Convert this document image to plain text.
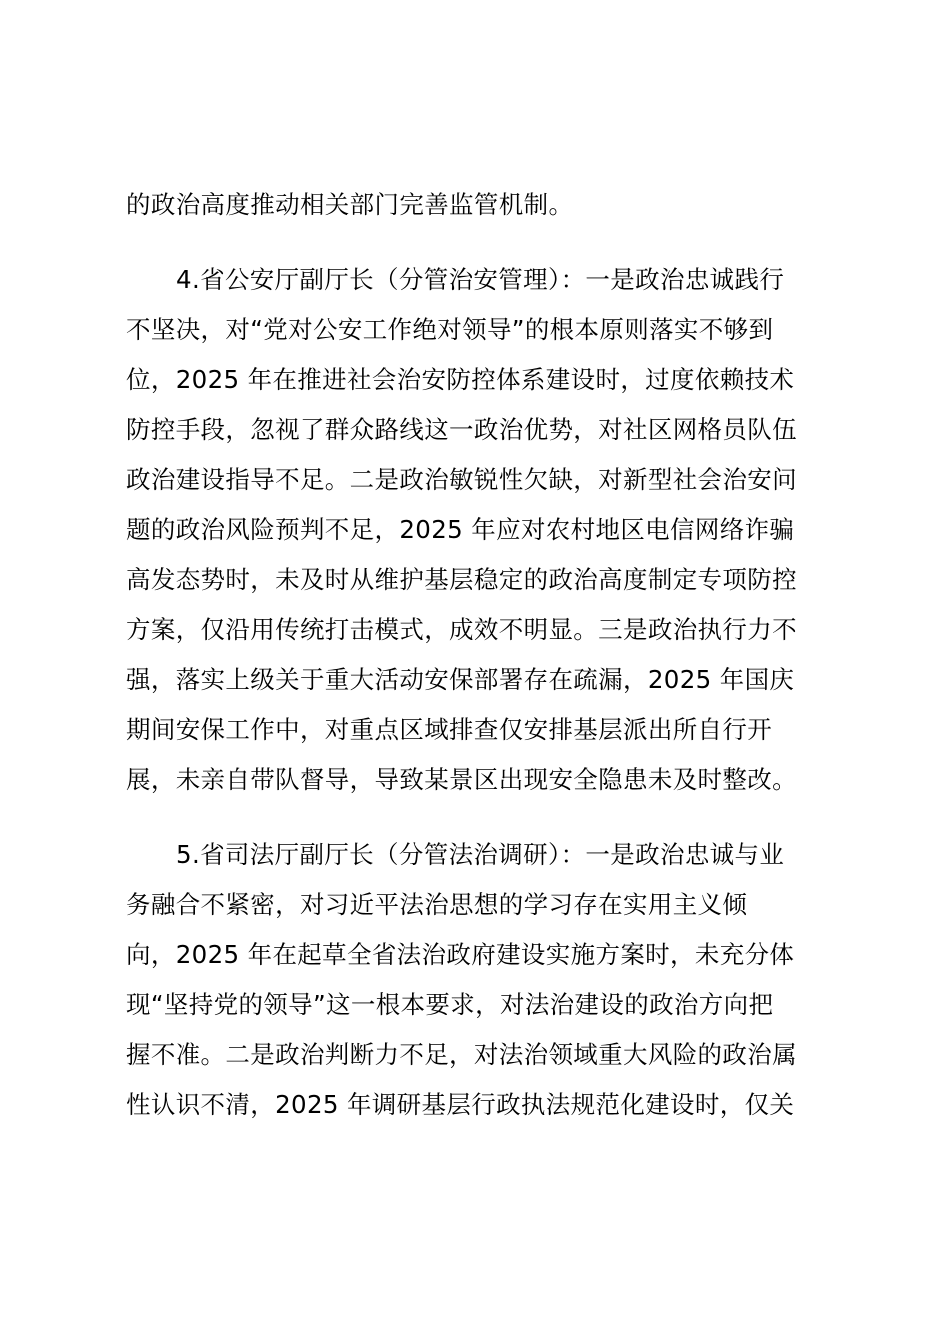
的政治高度推动相关部门完善监管机制。
4.省公安厅副厅长（分管治安管理）：一是政治忠诚践行
不坚决，对“党对公安工作绝对领导”的根本原则落实不够到
位，2025 年在推进社会治安防控体系建设时，过度依赖技术
防控手段，忽视了群众路线这一政治优势，对社区网格员队伍
政治建设指导不足。二是政治敏锐性欠缺，对新型社会治安问
题的政治风险预判不足，2025 年应对农村地区电信网络诈骗
高发态势时，未及时从维护基层稳定的政治高度制定专项防控
方案，仅沿用传统打击模式，成效不明显。三是政治执行力不
强，落实上级关于重大活动安保部署存在疏漏，2025 年国庆
期间安保工作中，对重点区域排查仅安排基层派出所自行开
展，未亲自带队督导，导致某景区出现安全隐患未及时整改。
5.省司法厅副厅长（分管法治调研）：一是政治忠诚与业
务融合不紧密，对习近平法治思想的学习存在实用主义倾
向，2025 年在起草全省法治政府建设实施方案时，未充分体
现“坚持党的领导”这一根本要求，对法治建设的政治方向把
握不准。二是政治判断力不足，对法治领域重大风险的政治属
性认识不清，2025 年调研基层行政执法规范化建设时，仅关
